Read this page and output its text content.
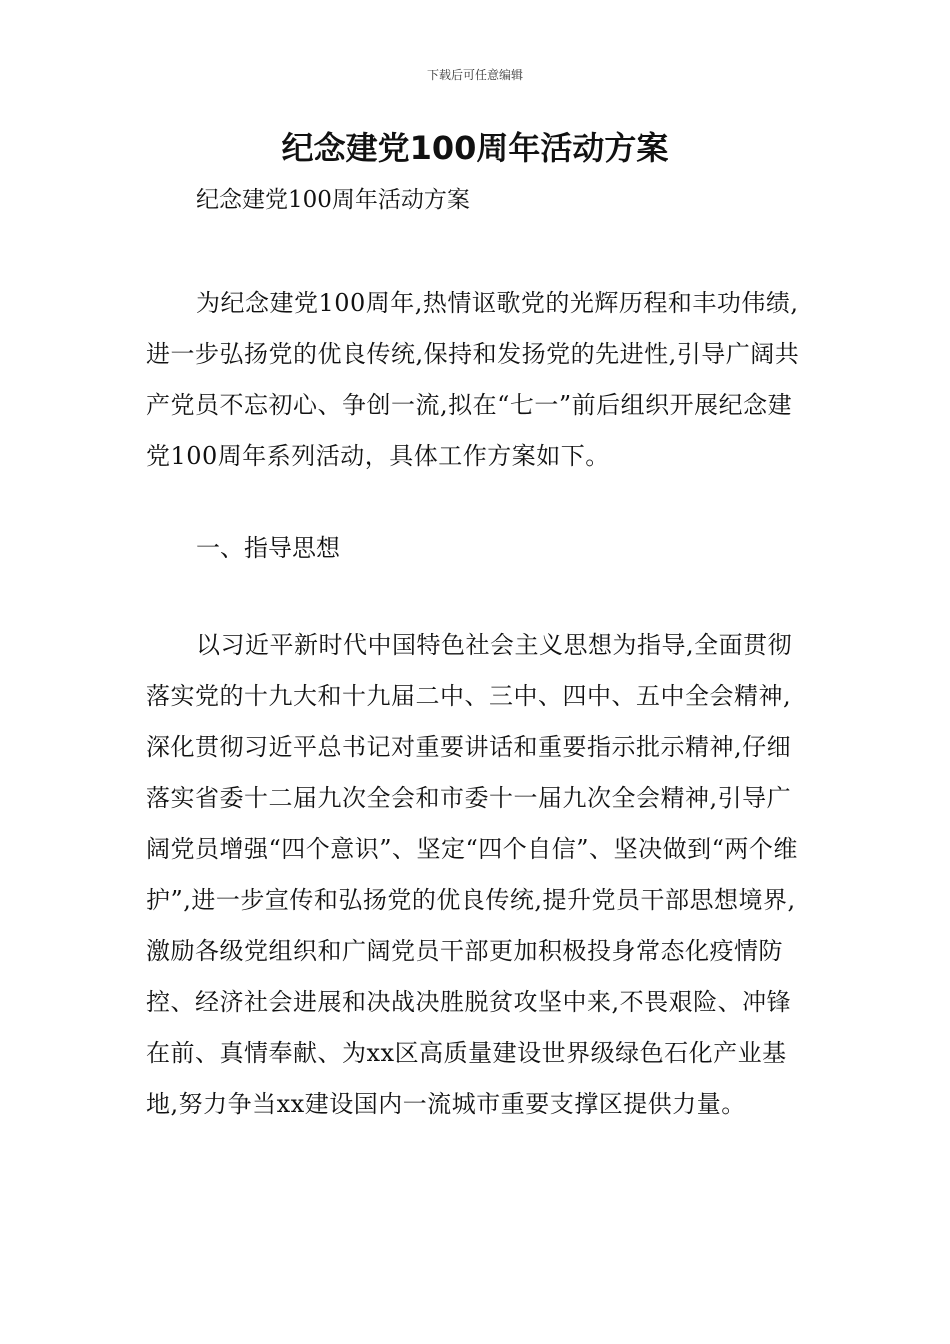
下载后可任意编辑
纪念建党100周年活动方案

纪念建党100周年活动方案

为纪念建党100周年,热情讴歌党的光辉历程和丰功伟绩,进一步弘扬党的优良传统,保持和发扬党的先进性,引导广阔共产党员不忘初心、争创一流,拟在“七一”前后组织开展纪念建党100周年系列活动，具体工作方案如下。

一、指导思想

以习近平新时代中国特色社会主义思想为指导,全面贯彻落实党的十九大和十九届二中、三中、四中、五中全会精神,深化贯彻习近平总书记对重要讲话和重要指示批示精神,仔细落实省委十二届九次全会和市委十一届九次全会精神,引导广阔党员增强“四个意识”、坚定“四个自信”、坚决做到“两个维护”,进一步宣传和弘扬党的优良传统,提升党员干部思想境界,激励各级党组织和广阔党员干部更加积极投身常态化疫情防控、经济社会进展和决战决胜脱贫攻坚中来,不畏艰险、冲锋在前、真情奉献、为xx区高质量建设世界级绿色石化产业基地,努力争当xx建设国内一流城市重要支撑区提供力量。
